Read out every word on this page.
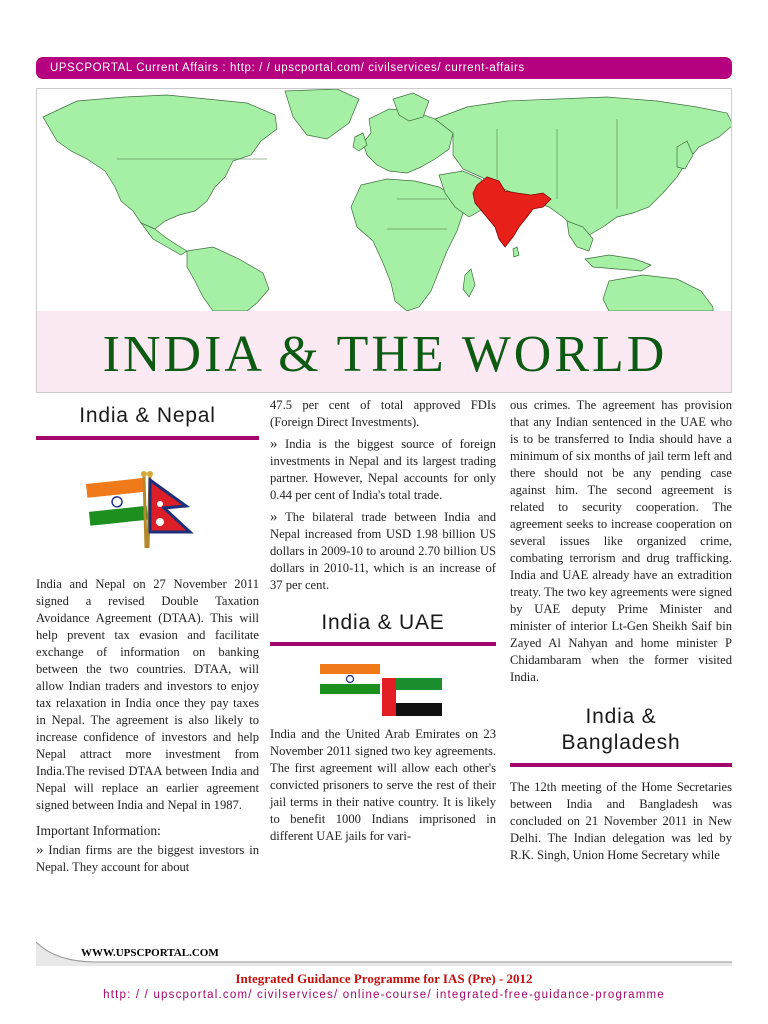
UPSCPORTAL Current Affairs : http: / / upscportal.com/ civilservices/ current-affairs
INDIA & THE WORLD
India & Nepal

India and Nepal on 27 November 2011 signed a revised Double Taxation Avoidance Agreement (DTAA). This will help prevent tax evasion and facilitate exchange of information on banking between the two countries. DTAA, will allow Indian traders and investors to enjoy tax relaxation in India once they pay taxes in Nepal. The agreement is also likely to increase confidence of investors and help Nepal attract more investment from India.The revised DTAA between India and Nepal will replace an earlier agreement signed between India and Nepal in 1987.

Important Information:

» Indian firms are the biggest investors in Nepal. They account for about

47.5 per cent of total approved FDIs (Foreign Direct Investments).

» India is the biggest source of foreign investments in Nepal and its largest trading partner. However, Nepal accounts for only 0.44 per cent of India's total trade.

» The bilateral trade between India and Nepal increased from USD 1.98 billion US dollars in 2009-10 to around 2.70 billion US dollars in 2010-11, which is an increase of 37 per cent.

India & UAE

India and the United Arab Emirates on 23 November 2011 signed two key agreements. The first agreement will allow each other's convicted prisoners to serve the rest of their jail terms in their native country. It is likely to benefit 1000 Indians imprisoned in different UAE jails for vari-

ous crimes. The agreement has provision that any Indian sentenced in the UAE who is to be transferred to India should have a minimum of six months of jail term left and there should not be any pending case against him. The second agreement is related to security cooperation. The agreement seeks to increase cooperation on several issues like organized crime, combating terrorism and drug trafficking. India and UAE already have an extradition treaty. The two key agreements were signed by UAE deputy Prime Minister and minister of interior Lt-Gen Sheikh Saif bin Zayed Al Nahyan and home minister P Chidambaram when the former visited India.

India &
Bangladesh

The 12th meeting of the Home Secretaries between India and Bangladesh was concluded on 21 November 2011 in New Delhi. The Indian delegation was led by R.K. Singh, Union Home Secretary while

WWW.UPSCPORTAL.COM
Integrated Guidance Programme for IAS (Pre) - 2012
http: / / upscportal.com/ civilservices/ online-course/ integrated-free-guidance-programme
